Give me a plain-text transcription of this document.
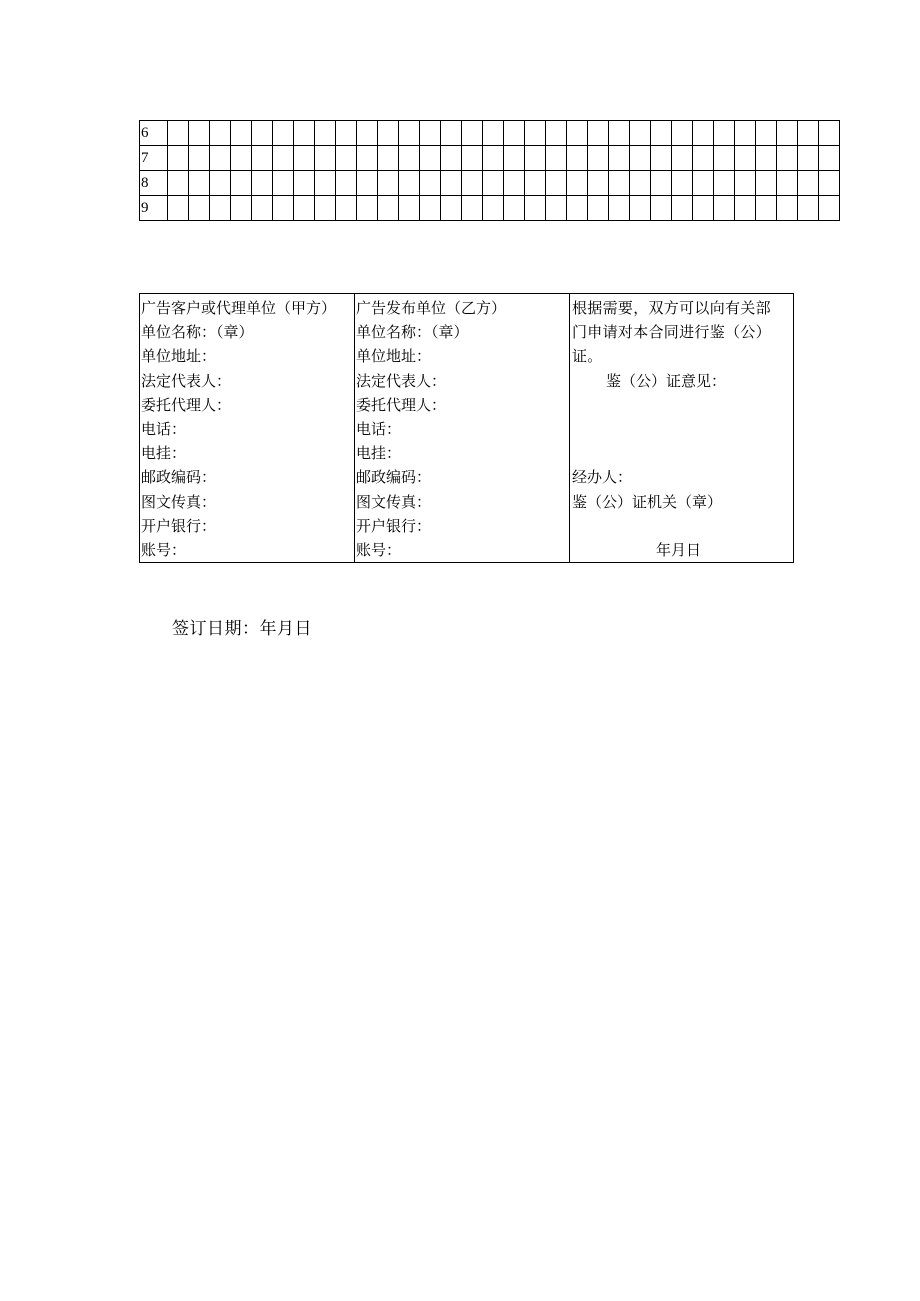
6																																
7																																
8																																
9																																
广告客户或代理单位（甲方）
单位名称：（章）
单位地址：
法定代表人：
委托代理人：
电话：
电挂：
邮政编码：
图文传真：
开户银行：
账号：

广告发布单位（乙方）
单位名称：（章）
单位地址：
法定代表人：
委托代理人：
电话：
电挂：
邮政编码：
图文传真：
开户银行：
账号：

根据需要，双方可以向有关部门申请对本合同进行鉴（公）证。
鉴（公）证意见：
经办人：
鉴（公）证机关（章）
年月日
签订日期：年月日
